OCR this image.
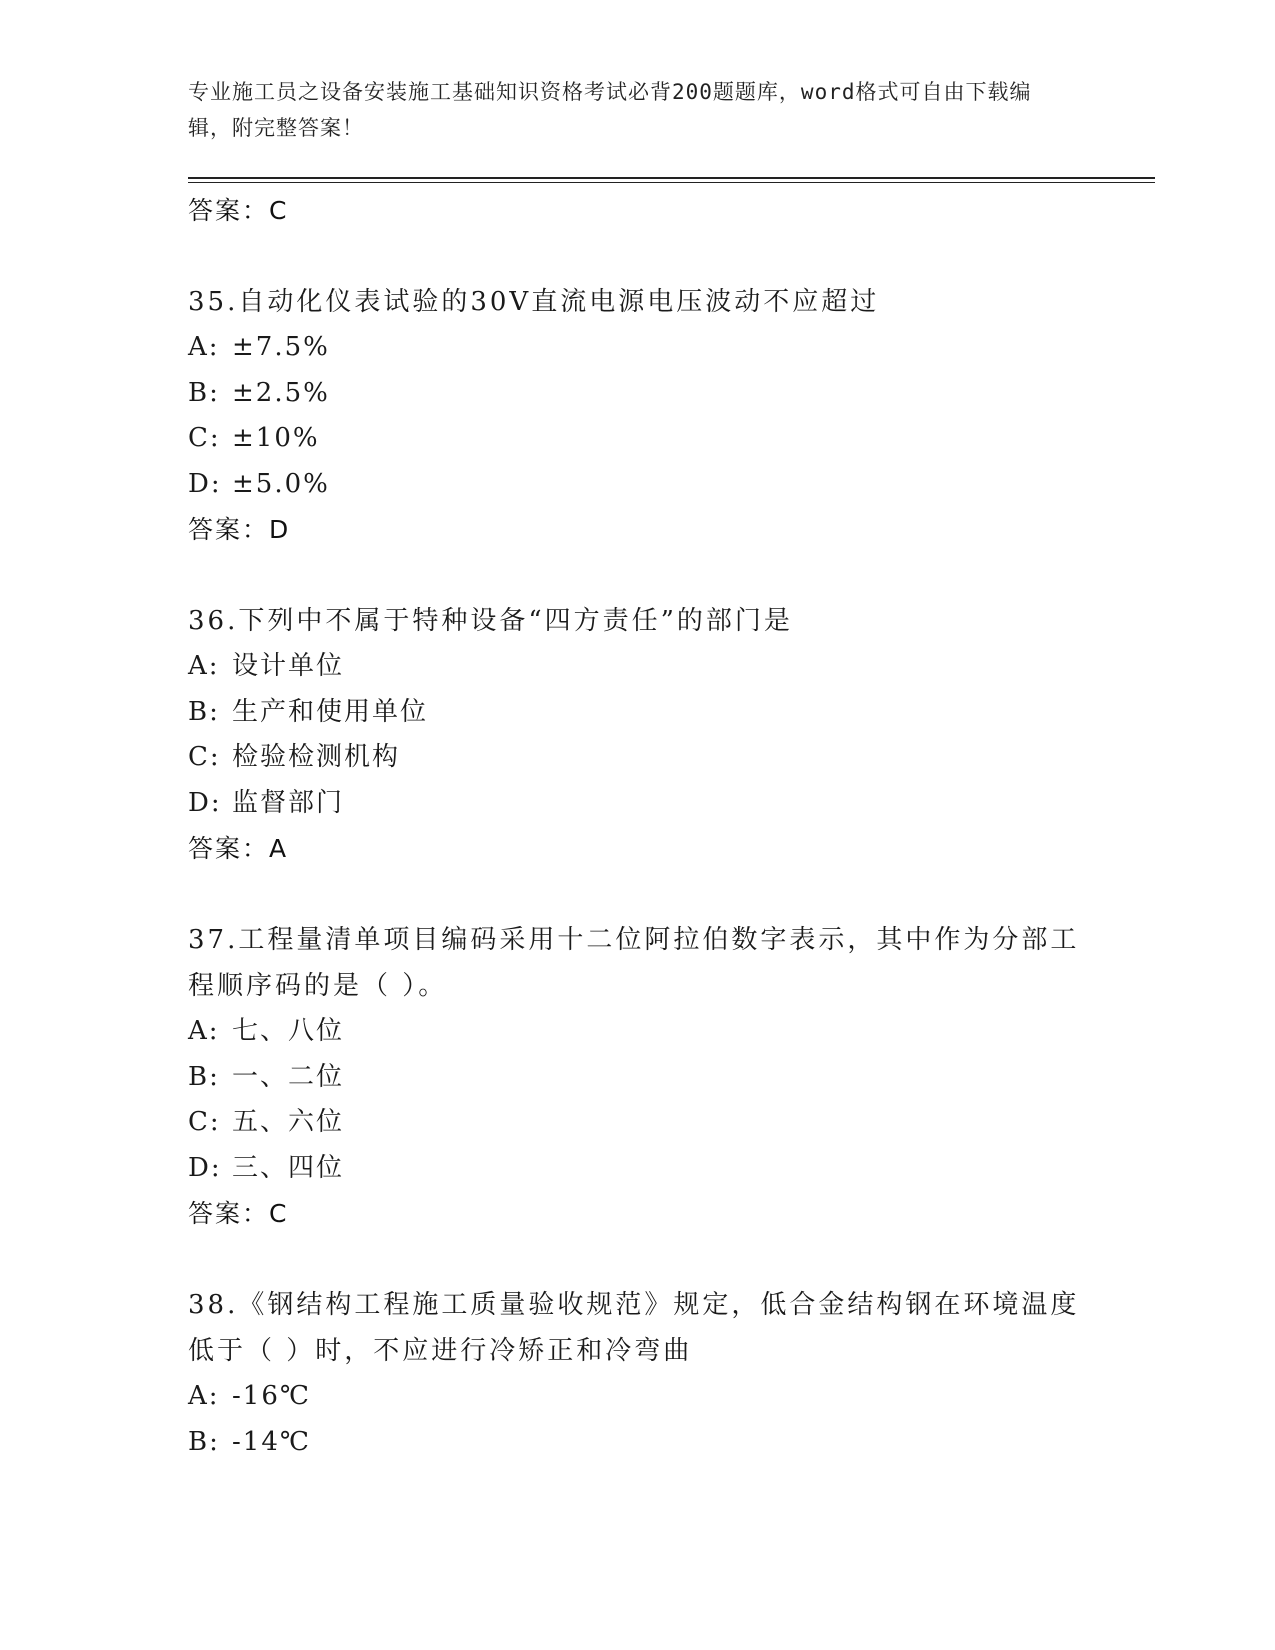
专业施工员之设备安装施工基础知识资格考试必背200题题库，word格式可自由下载编辑，附完整答案！
答案：C
35.自动化仪表试验的30V直流电源电压波动不应超过
A: ±7.5%
B: ±2.5%
C: ±10%
D: ±5.0%
答案：D
36.下列中不属于特种设备“四方责任”的部门是
A: 设计单位
B: 生产和使用单位
C: 检验检测机构
D: 监督部门
答案：A
37.工程量清单项目编码采用十二位阿拉伯数字表示，其中作为分部工程顺序码的是（ ）。
A: 七、八位
B: 一、二位
C: 五、六位
D: 三、四位
答案：C
38.《钢结构工程施工质量验收规范》规定，低合金结构钢在环境温度低于（ ）时，不应进行冷矫正和冷弯曲
A: -16℃
B: -14℃
